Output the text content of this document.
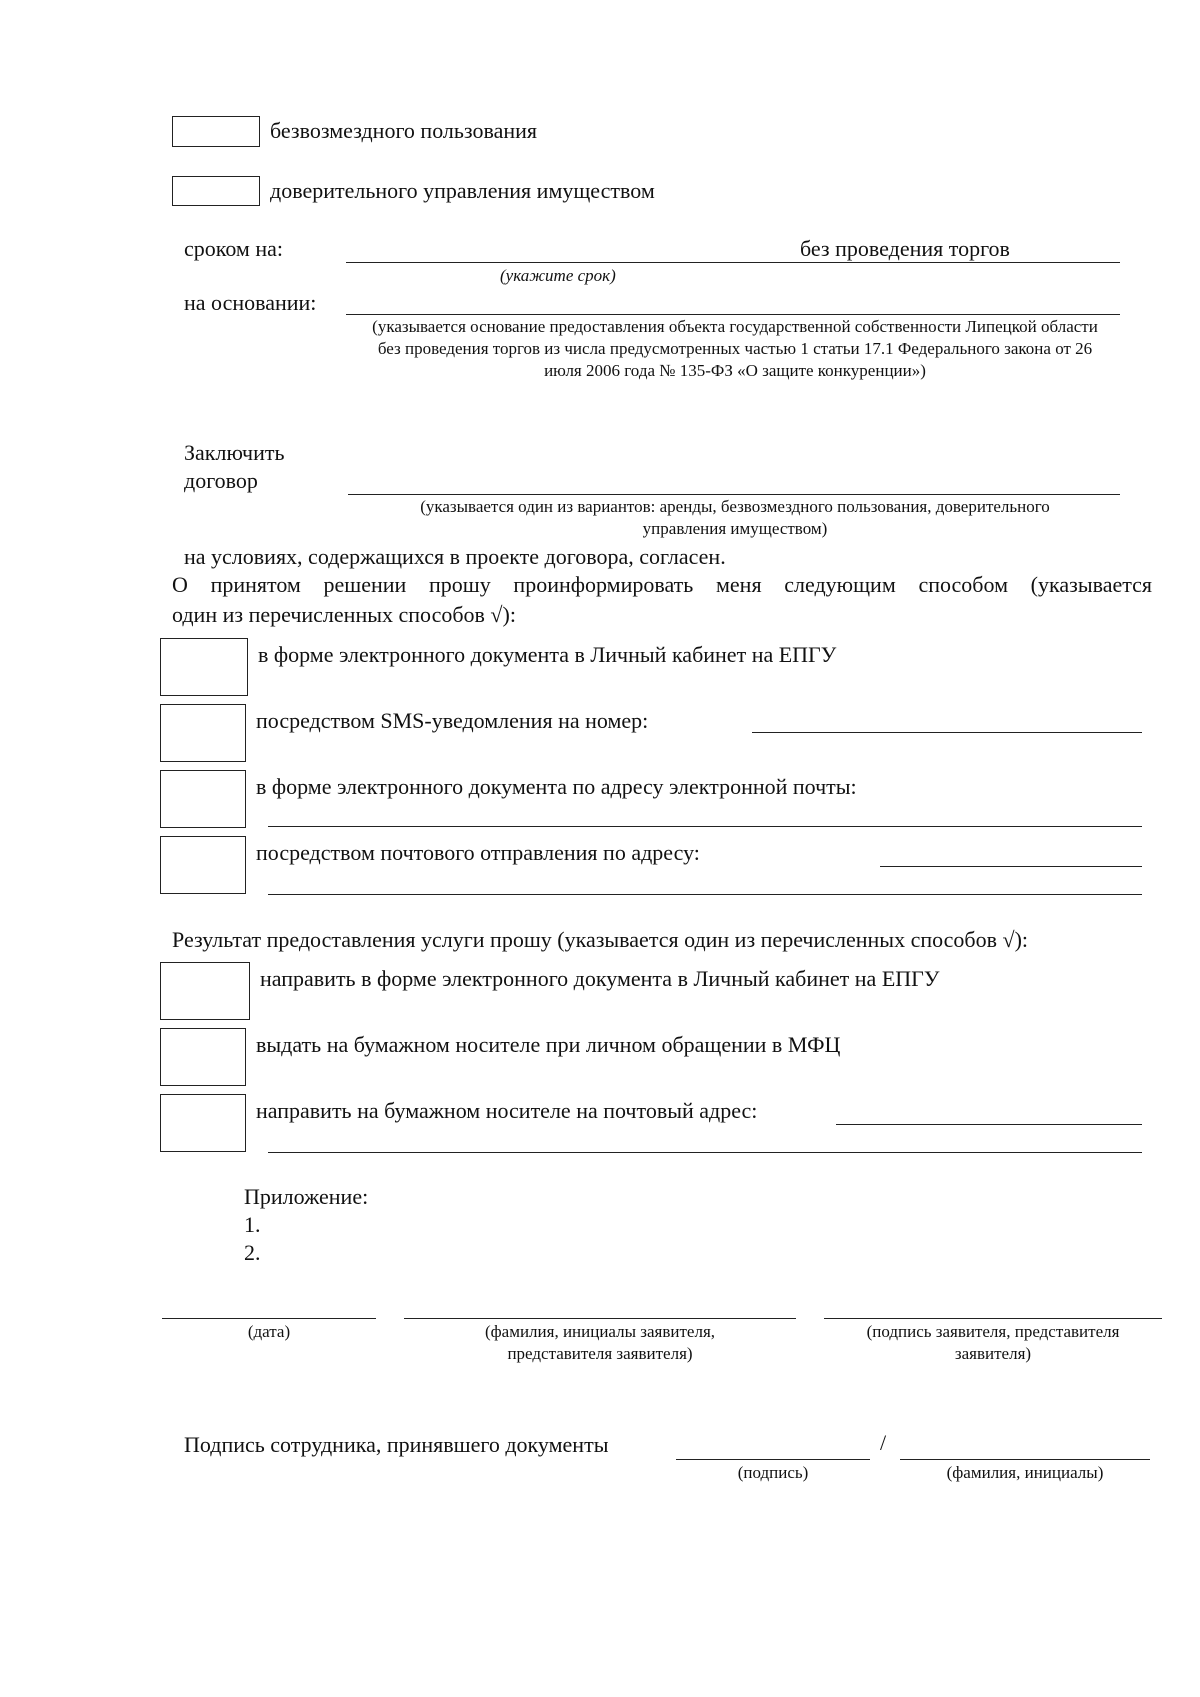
безвозмездного пользования
доверительного управления имуществом
сроком на:	без проведения торгов
(укажите срок)
на основании:
(указывается основание предоставления объекта государственной собственности Липецкой области без проведения торгов из числа предусмотренных частью 1 статьи 17.1 Федерального закона от 26 июля 2006 года № 135-ФЗ «О защите конкуренции»)
Заключить
договор
(указывается один из вариантов: аренды, безвозмездного пользования, доверительного управления имуществом)
на условиях, содержащихся в проекте договора, согласен.
О принятом решении прошу проинформировать меня следующим способом (указывается
один из перечисленных способов √):
в форме электронного документа в Личный кабинет на ЕПГУ
посредством SMS-уведомления на номер:
в форме электронного документа по адресу электронной почты:
посредством почтового отправления по адресу:
Результат предоставления услуги прошу (указывается один из перечисленных способов √):
направить в форме электронного документа в Личный кабинет на ЕПГУ
выдать на бумажном носителе при личном обращении в МФЦ
направить на бумажном носителе на почтовый адрес:
Приложение:
1.
2.
(дата)	(фамилия, инициалы заявителя, представителя заявителя)
(подпись заявителя, представителя заявителя)
Подпись сотрудника, принявшего документы	/
(подпись)	(фамилия, инициалы)
